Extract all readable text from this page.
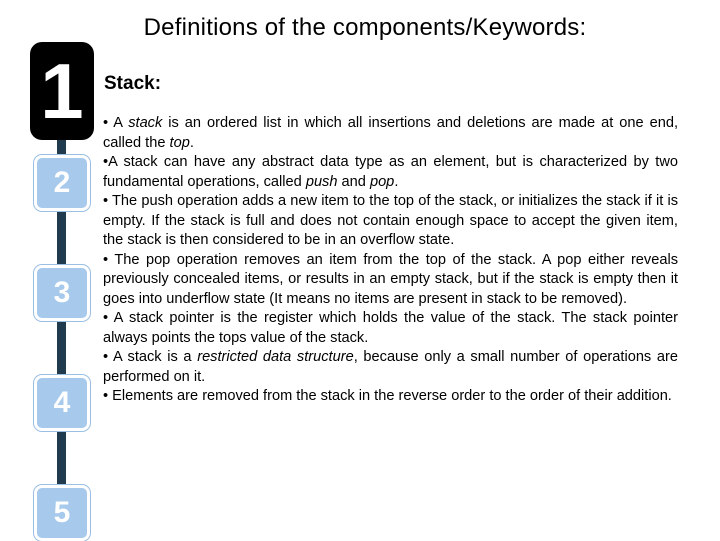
Definitions of the components/Keywords:
1
2
3
4
5
Stack:

• A stack is an ordered list in which all insertions and deletions are made at one end, called the top.

•A stack can have any abstract data type as an element, but is characterized by two fundamental operations, called push and pop.

• The push operation adds a new item to the top of the stack, or initializes the stack if it is empty. If the stack is full and does not contain enough space to accept the given item, the stack is then considered to be in an overflow state.

• The pop operation removes an item from the top of the stack. A pop either reveals previously concealed items, or results in an empty stack, but if the stack is empty then it goes into underflow state (It means no items are present in stack to be removed).

• A stack pointer is the register which holds the value of the stack. The stack pointer always points the tops value of the stack.

• A stack is a restricted data structure, because only a small number of operations are performed on it.

• Elements are removed from the stack in the reverse order to the order of their addition.
